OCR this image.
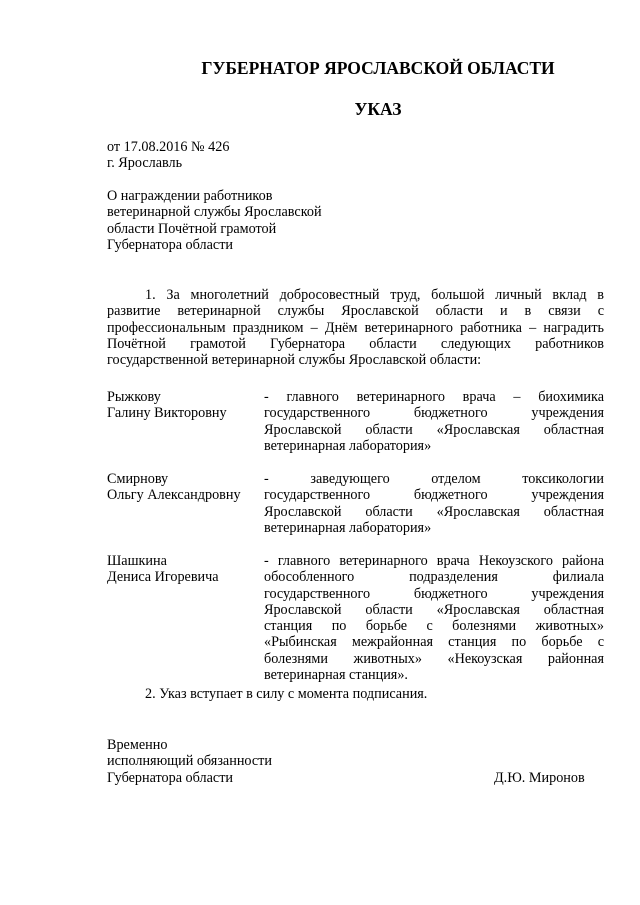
ГУБЕРНАТОР ЯРОСЛАВСКОЙ ОБЛАСТИ
УКАЗ
от 17.08.2016 № 426
г. Ярославль
О награждении работников
ветеринарной службы Ярославской
области Почётной грамотой
Губернатора области
1. За многолетний добросовестный труд, большой личный вклад в
развитие ветеринарной службы Ярославской области и в связи с
профессиональным праздником – Днём ветеринарного работника – наградить
Почётной грамотой Губернатора области следующих работников
государственной ветеринарной службы Ярославской области:
Рыжкову
Галину Викторовну
- главного ветеринарного врача – биохимика
государственного бюджетного учреждения
Ярославской области «Ярославская областная
ветеринарная лаборатория»
Смирнову
Ольгу Александровну
- заведующего отделом токсикологии
государственного бюджетного учреждения
Ярославской области «Ярославская областная
ветеринарная лаборатория»
Шашкина
Дениса Игоревича
- главного ветеринарного врача Некоузского района
обособленного подразделения филиала
государственного бюджетного учреждения
Ярославской области «Ярославская областная
станция по борьбе с болезнями животных»
«Рыбинская межрайонная станция по борьбе с
болезнями животных» «Некоузская районная
ветеринарная станция».
2. Указ вступает в силу с момента подписания.
Временно
исполняющий обязанности
Губернатора области	Д.Ю. Миронов
